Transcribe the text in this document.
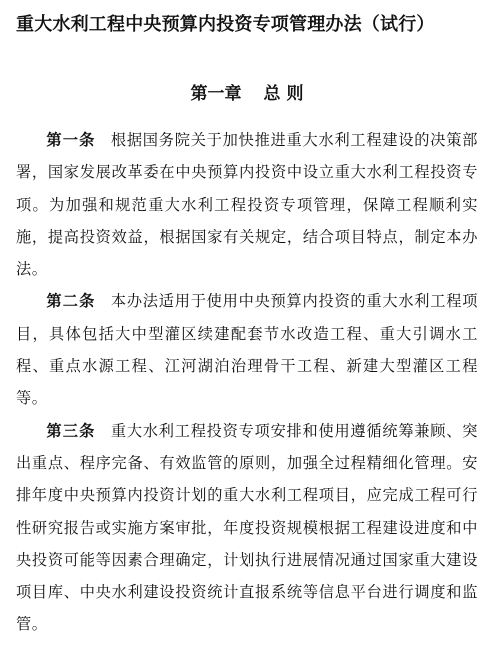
重大水利工程中央预算内投资专项管理办法（试行）
第一章 总 则

第一条 根据国务院关于加快推进重大水利工程建设的决策部署，国家发展改革委在中央预算内投资中设立重大水利工程投资专项。为加强和规范重大水利工程投资专项管理，保障工程顺利实施，提高投资效益，根据国家有关规定，结合项目特点，制定本办法。

第二条 本办法适用于使用中央预算内投资的重大水利工程项目，具体包括大中型灌区续建配套节水改造工程、重大引调水工程、重点水源工程、江河湖泊治理骨干工程、新建大型灌区工程等。

第三条 重大水利工程投资专项安排和使用遵循统筹兼顾、突出重点、程序完备、有效监管的原则，加强全过程精细化管理。安排年度中央预算内投资计划的重大水利工程项目，应完成工程可行性研究报告或实施方案审批，年度投资规模根据工程建设进度和中央投资可能等因素合理确定，计划执行进展情况通过国家重大建设项目库、中央水利建设投资统计直报系统等信息平台进行调度和监管。
